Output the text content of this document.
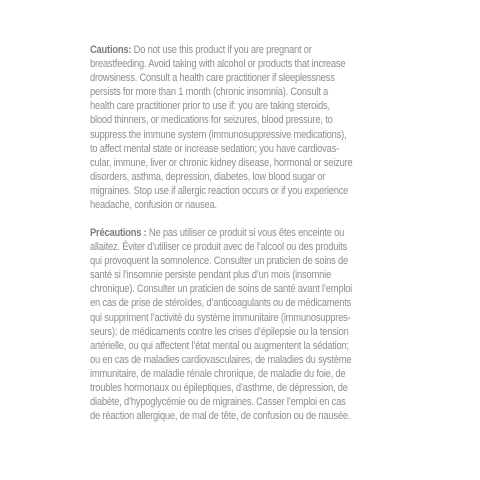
Cautions: Do not use this product if you are pregnant or
breastfeeding. Avoid taking with alcohol or products that increase
drowsiness. Consult a health care practitioner if sleeplessness
persists for more than 1 month (chronic insomnia). Consult a
health care practitioner prior to use if: you are taking steroids,
blood thinners, or medications for seizures, blood pressure, to
suppress the immune system (immunosuppressive medications),
to affect mental state or increase sedation; you have cardiovas-
cular, immune, liver or chronic kidney disease, hormonal or seizure
disorders, asthma, depression, diabetes, low blood sugar or
migraines. Stop use if allergic reaction occurs or if you experience
headache, confusion or nausea.

Précautions : Ne pas utiliser ce produit si vous êtes enceinte ou
allaitez. Éviter d’utiliser ce produit avec de l’alcool ou des produits
qui provoquent la somnolence. Consulter un praticien de soins de
santé si l’insomnie persiste pendant plus d’un mois (insomnie
chronique). Consulter un praticien de soins de santé avant l’emploi
en cas de prise de stéroïdes, d’anticoagulants ou de médicaments
qui suppriment l’activité du système immunitaire (immunosuppres-
seurs); de médicaments contre les crises d’épilepsie ou la tension
artérielle, ou qui affectent l’état mental ou augmentent la sédation;
ou en cas de maladies cardiovasculaires, de maladies du système
immunitaire, de maladie rénale chronique, de maladie du foie, de
troubles hormonaux ou épileptiques, d’asthme, de dépression, de
diabète, d’hypoglycémie ou de migraines. Casser l’emploi en cas
de réaction allergique, de mal de tête, de confusion ou de nausée.
